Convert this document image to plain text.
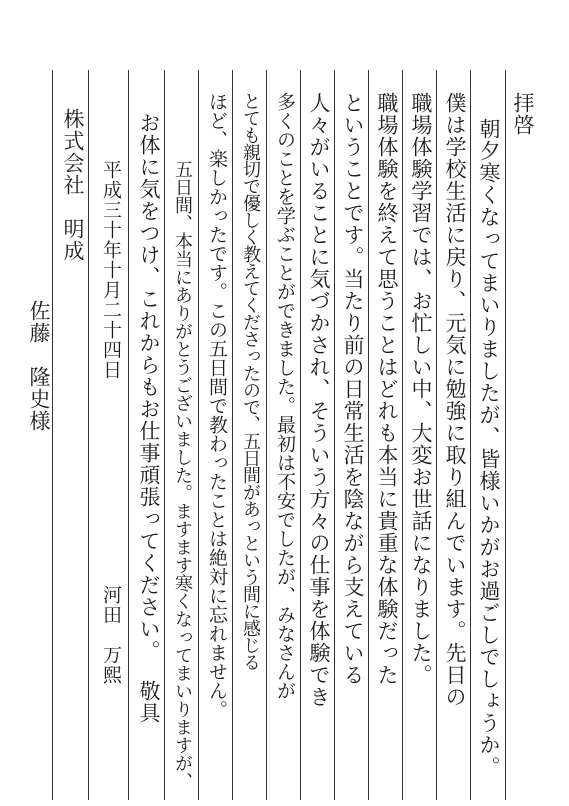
拝啓
朝夕寒くなってまいりましたが、皆様いかがお過ごしでしょうか。
僕は学校生活に戻り、元気に勉強に取り組んでいます。先日の
職場体験学習では、お忙しい中、大変お世話になりました。
職場体験を終えて思うことはどれも本当に貴重な体験だった
ということです。当たり前の日常生活を陰ながら支えている
人々がいることに気づかされ、そういう方々の仕事を体験でき
多くのことを学ぶことができました。最初は不安でしたが、みなさんが
とても親切で優しく教えてくださったので、五日間があっという間に感じる
ほど、楽しかったです。この五日間で教わったことは絶対に忘れません。
五日間、本当にありがとうございました。ますます寒くなってまいりますが、
お体に気をつけ、これからもお仕事頑張ってください。
敬具
平成三十年十月二十四日
河田　万熙
株式会社　明成
佐藤　隆史様
